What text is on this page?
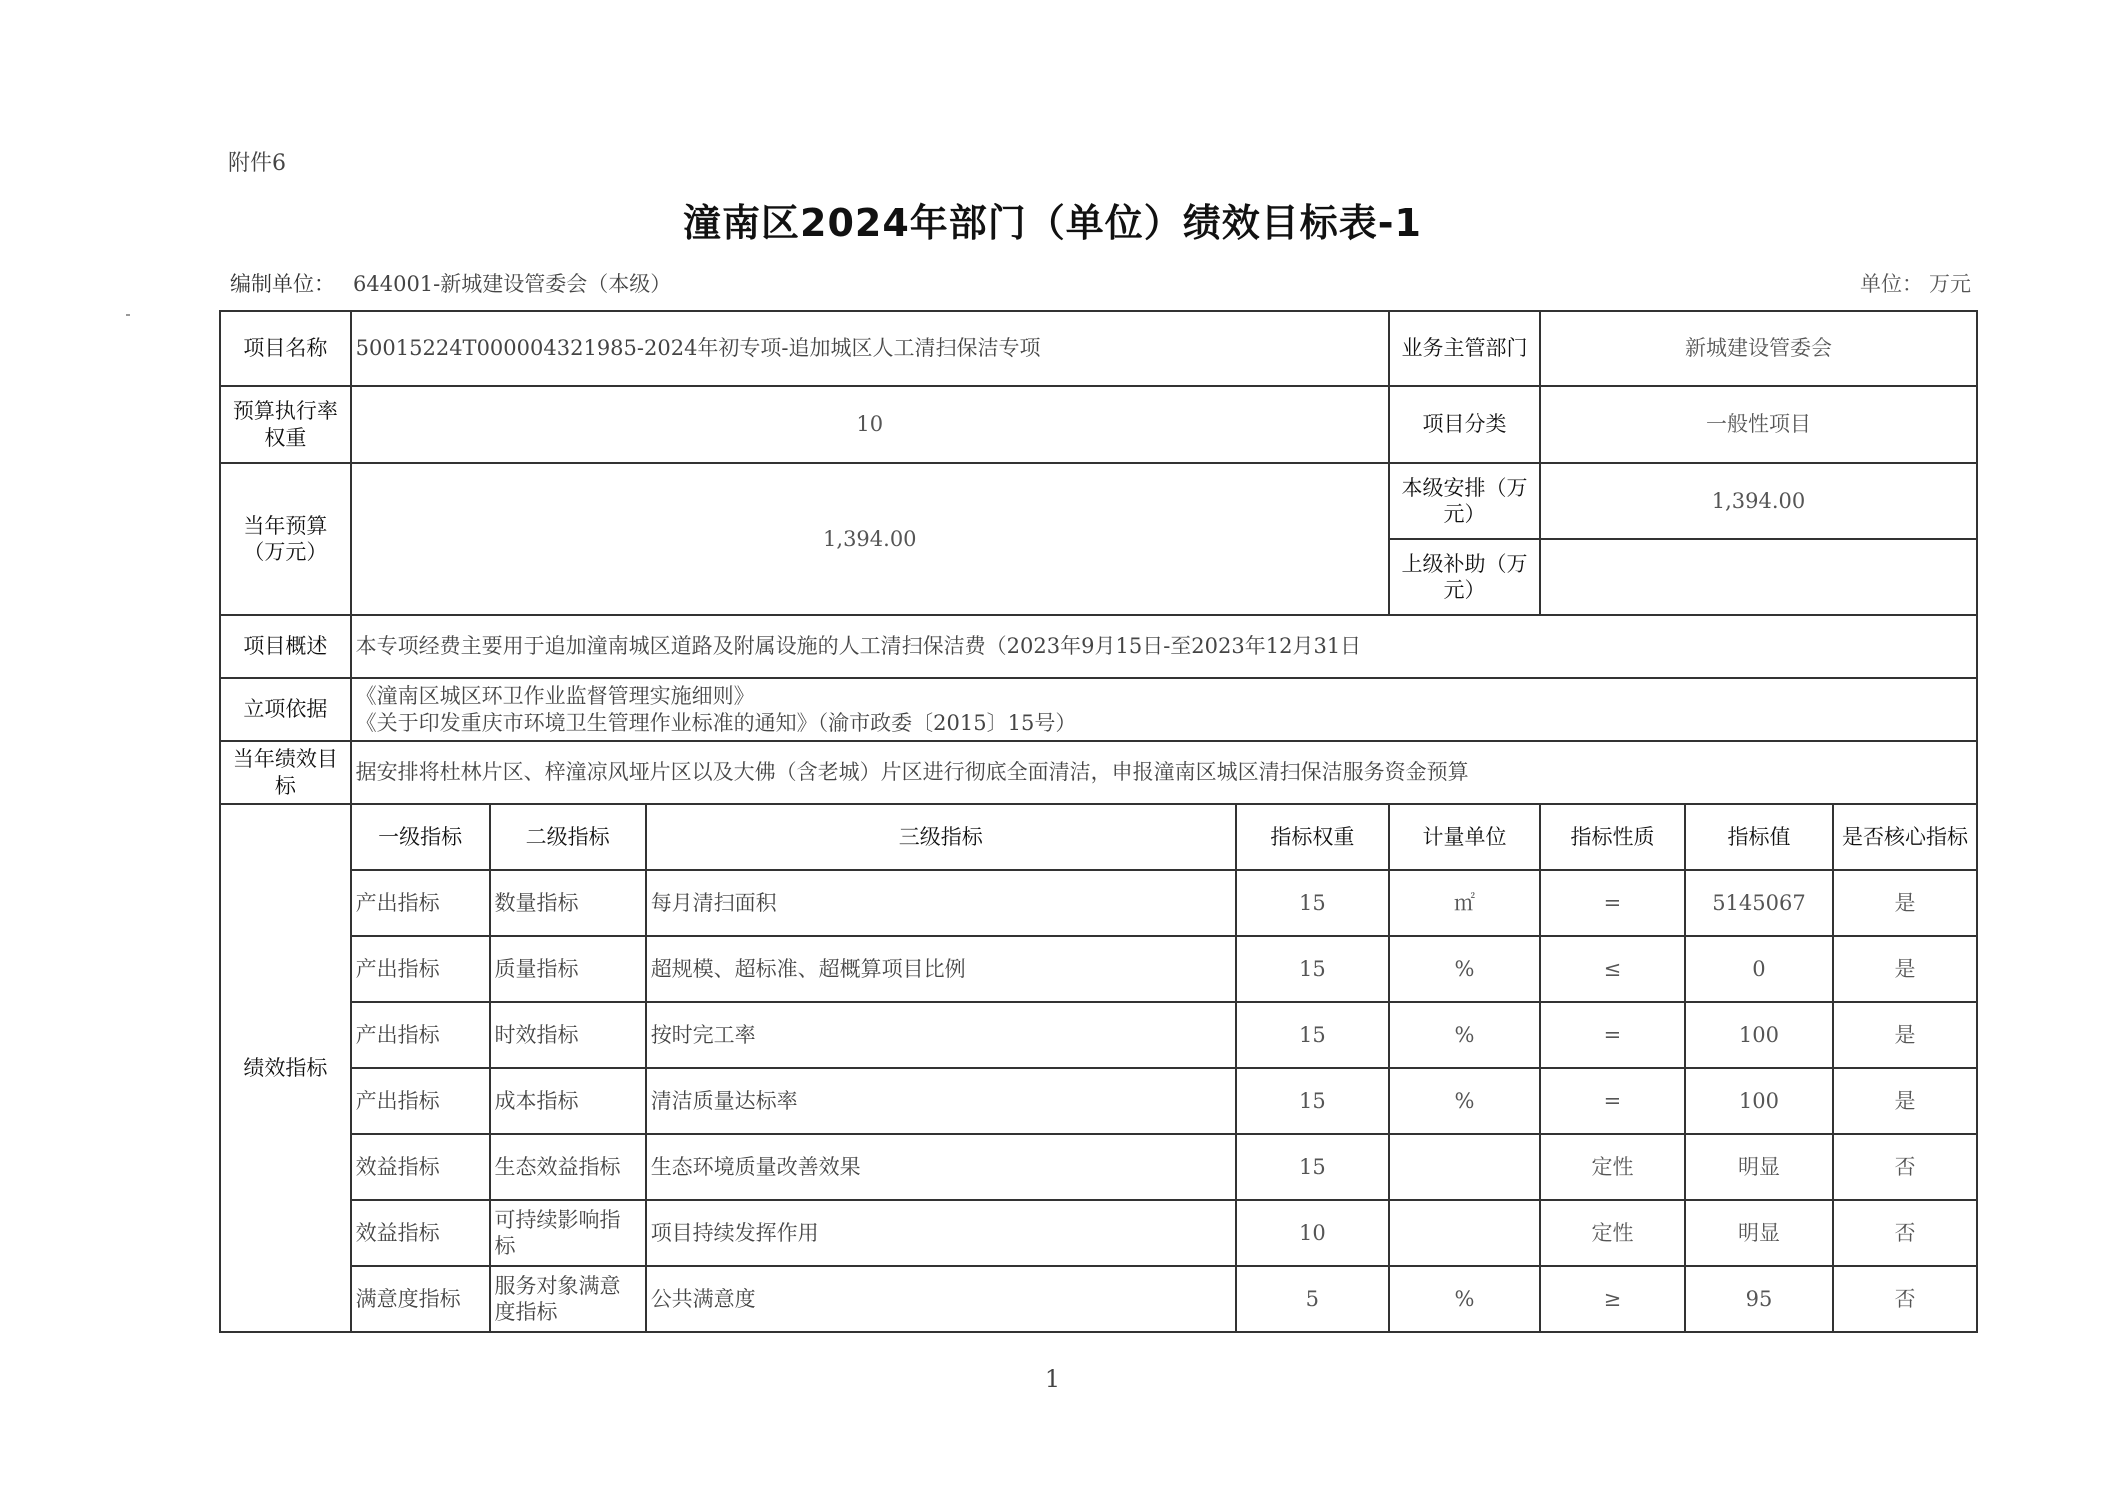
附件6
潼南区2024年部门（单位）绩效目标表-1
编制单位： 644001-新城建设管委会（本级）	单位： 万元
项目名称	50015224T000004321985-2024年初专项-追加城区人工清扫保洁专项				业务主管部门	新城建设管委会		
预算执行率权重	10				项目分类	一般性项目		
当年预算（万元）	1,394.00				本级安排（万元）	1,394.00		
					上级补助（万元）			
项目概述	本专项经费主要用于追加潼南城区道路及附属设施的人工清扫保洁费（2023年9月15日-至2023年12月31日							
立项依据	《潼南区城区环卫作业监督管理实施细则》
《关于印发重庆市环境卫生管理作业标准的通知》（渝市政委〔2015〕15号）							

当年绩效目标	据安排将杜林片区、梓潼凉风垭片区以及大佛（含老城）片区进行彻底全面清洁，申报潼南区城区清扫保洁服务资金预算							
绩效指标	一级指标	二级指标	三级指标	指标权重	计量单位	指标性质	指标值	是否核心指标
	产出指标	数量指标	每月清扫面积	15	㎡	=	5145067	是
	产出指标	质量指标	超规模、超标准、超概算项目比例	15	%	≤	0	是
	产出指标	时效指标	按时完工率	15	%	=	100	是
	产出指标	成本指标	清洁质量达标率	15	%	=	100	是
	效益指标	生态效益指标	生态环境质量改善效果	15		定性	明显	否
	效益指标	可持续影响指标	项目持续发挥作用	10		定性	明显	否
	满意度指标	服务对象满意度指标	公共满意度	5	%	≥	95	否
1
